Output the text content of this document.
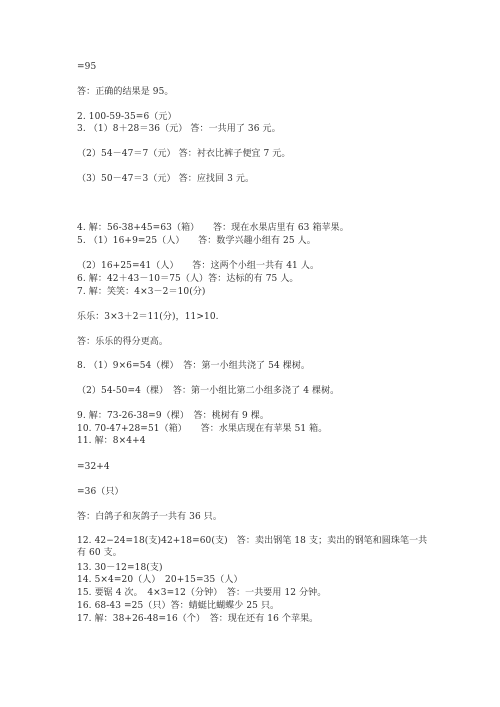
=95
答：正确的结果是 95。
2. 100-59-35=6（元）
3. （1）8＋28＝36（元） 答：一共用了 36 元。
（2）54－47＝7（元） 答：衬衣比裤子便宜 7 元。
（3）50－47＝3（元） 答：应找回 3 元。
4. 解：56-38+45=63（箱）　　答：现在水果店里有 63 箱苹果。
5. （1）16+9=25（人）　　答：数学兴趣小组有 25 人。
（2）16+25=41（人）　　答：这两个小组一共有 41 人。
6. 解：42＋43－10＝75（人）答：达标的有 75 人。
7. 解：笑笑：4×3－2＝10(分)
乐乐：3×3＋2＝11(分)，11>10.
答：乐乐的得分更高。
8. （1）9×6=54（棵）　答：第一小组共浇了 54 棵树。
（2）54-50=4（棵）　答：第一小组比第二小组多浇了 4 棵树。
9. 解：73-26-38=9（棵）　答：桃树有 9 棵。
10. 70-47+28=51（箱）　　答：水果店现在有苹果 51 箱。
11. 解：8×4+4
=32+4
=36（只）
答：白鸽子和灰鸽子一共有 36 只。
12. 42−24=18(支)42+18=60(支)　答：卖出钢笔 18 支；卖出的钢笔和圆珠笔一共
有 60 支。
13. 30－12=18(支)
14. 5×4=20（人）　20+15=35（人）
15. 要锯 4 次。　4×3=12（分钟）　答：一共要用 12 分钟。
16. 68-43 =25（只）答：蜻蜓比蝴蝶少 25 只。
17. 解：38+26-48=16（个）　答：现在还有 16 个苹果。
